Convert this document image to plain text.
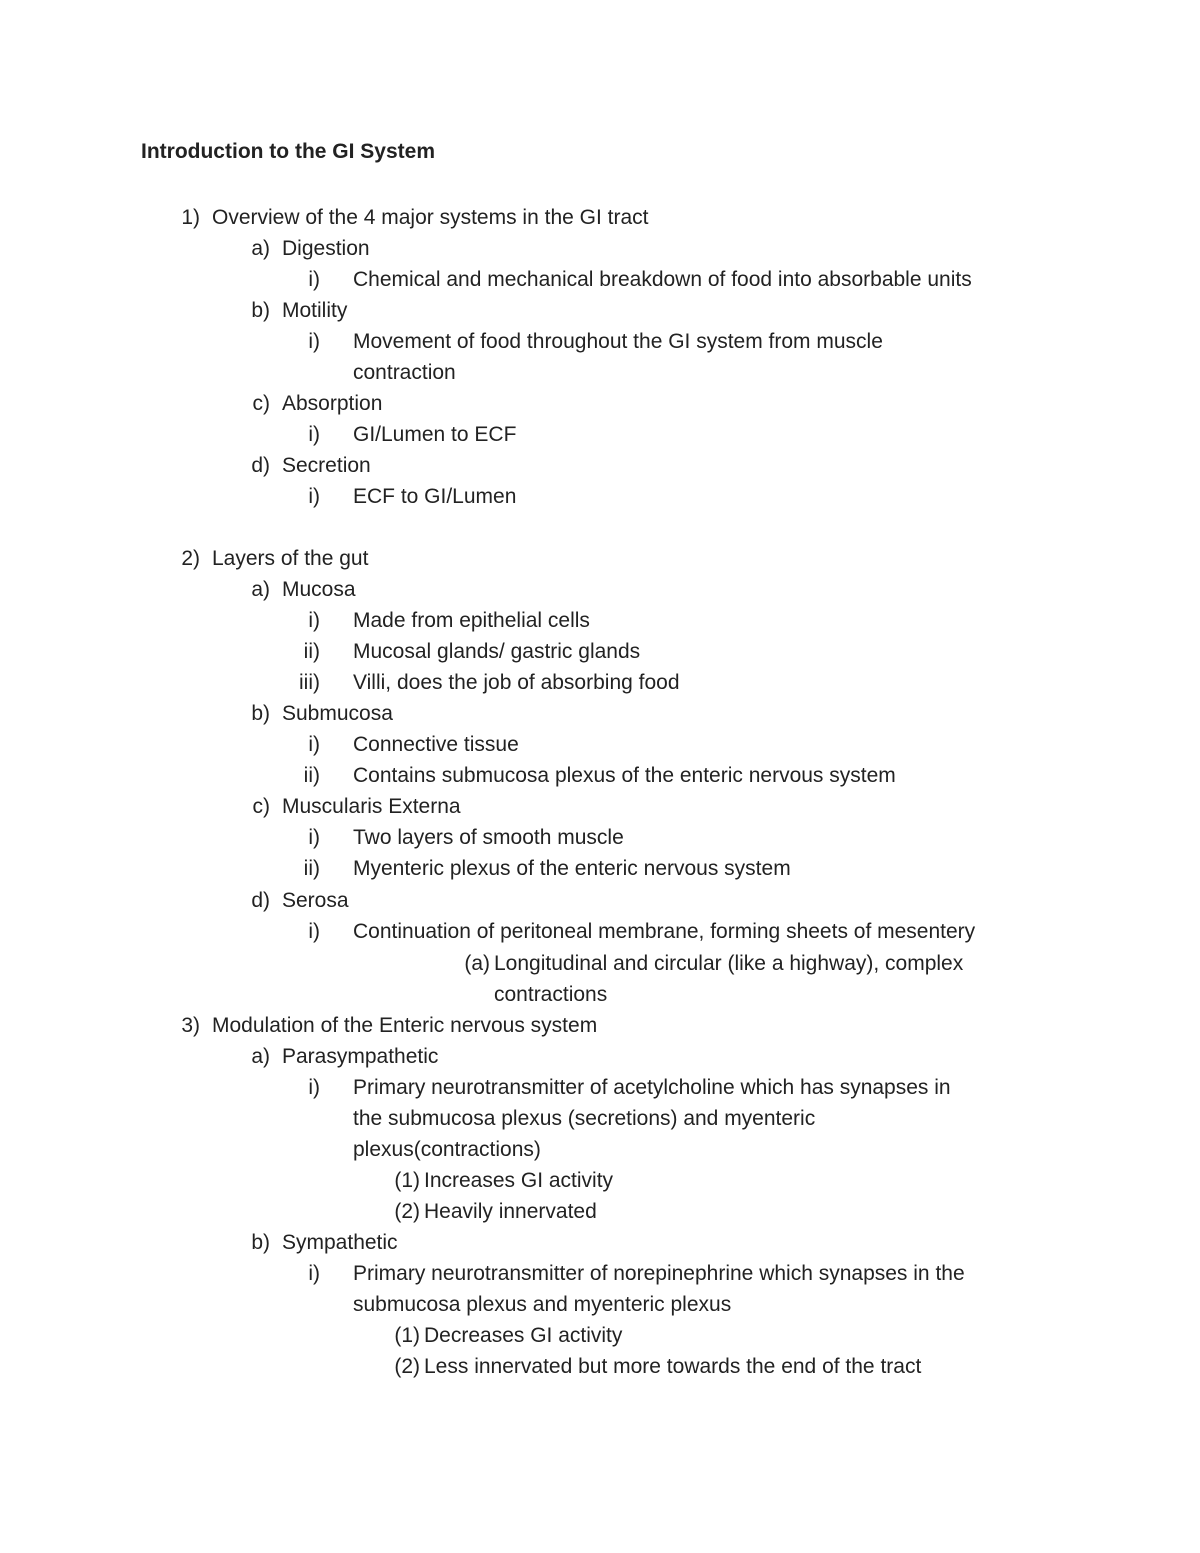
Introduction to the GI System
1) Overview of the 4 major systems in the GI tract
a) Digestion
i) Chemical and mechanical breakdown of food into absorbable units
b) Motility
i) Movement of food throughout the GI system from muscle
contraction
c) Absorption
i) GI/Lumen to ECF
d) Secretion
i) ECF to GI/Lumen
2) Layers of the gut
a) Mucosa
i) Made from epithelial cells
ii) Mucosal glands/ gastric glands
iii) Villi, does the job of absorbing food
b) Submucosa
i) Connective tissue
ii) Contains submucosa plexus of the enteric nervous system
c) Muscularis Externa
i) Two layers of smooth muscle
ii) Myenteric plexus of the enteric nervous system
d) Serosa
i) Continuation of peritoneal membrane, forming sheets of mesentery
(a) Longitudinal and circular (like a highway), complex
contractions
3) Modulation of the Enteric nervous system
a) Parasympathetic
i) Primary neurotransmitter of acetylcholine which has synapses in
the submucosa plexus (secretions) and myenteric
plexus(contractions)
(1) Increases GI activity
(2) Heavily innervated
b) Sympathetic
i) Primary neurotransmitter of norepinephrine which synapses in the
submucosa plexus and myenteric plexus
(1) Decreases GI activity
(2) Less innervated but more towards the end of the tract
